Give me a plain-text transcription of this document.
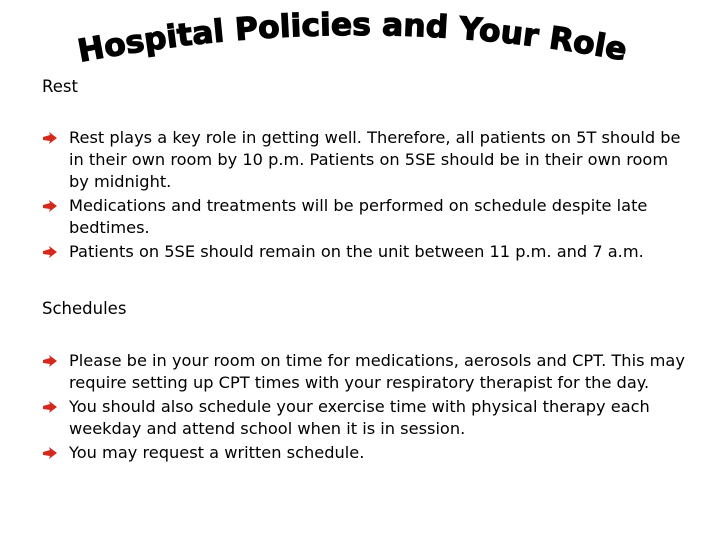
Hospital Policies and Your Role
Rest
Rest plays a key role in getting well. Therefore, all patients on 5T should be in their own room by 10 p.m. Patients on 5SE should be in their own room by midnight.
Medications and treatments will be performed on schedule despite late bedtimes.
Patients on 5SE should remain on the unit between 11 p.m. and 7 a.m.
Schedules
Please be in your room on time for medications, aerosols and CPT. This may require setting up CPT times with your respiratory therapist for the day.
You should also schedule your exercise time with physical therapy each weekday and attend school when it is in session.
You may request a written schedule.
